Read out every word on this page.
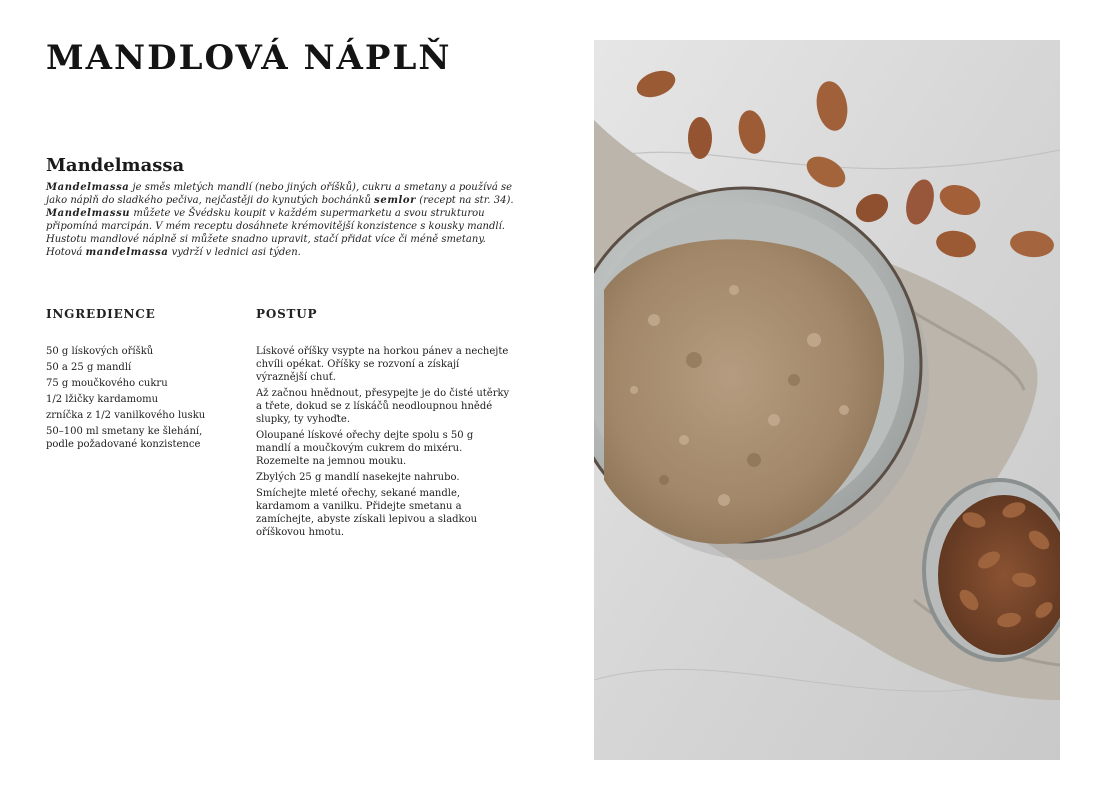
MANDLOVÁ NÁPLŇ
Mandelmassa

Mandelmassa je směs mletých mandlí (nebo jiných oříšků), cukru a smetany a používá se jako náplň do sladkého pečiva, nejčastěji do kynutých bochánků semlor (recept na str. 34).

Mandelmassu můžete ve Švédsku koupit v každém supermarketu a svou strukturou připomíná marcipán. V mém receptu dosáhnete krémovitější konzistence s kousky mandlí.

Hustotu mandlové náplně si můžete snadno upravit, stačí přidat více či méně smetany. Hotová mandelmassa vydrží v lednici asi týden.

INGREDIENCE	POSTUP
50 g lískových oříšků
50 a 25 g mandlí
75 g moučkového cukru
1/2 lžičky kardamomu
zrníčka z 1/2 vanilkového lusku
50–100 ml smetany ke šlehání, podle požadované konzistence

Lískové oříšky vsypte na horkou pánev a nechejte chvíli opékat. Oříšky se rozvoní a získají výraznější chuť.

Až začnou hnědnout, přesypejte je do čisté utěrky a třete, dokud se z lískáčů neodloupnou hnědé slupky, ty vyhoďte.

Oloupané lískové ořechy dejte spolu s 50 g mandlí a moučkovým cukrem do mixéru. Rozemelte na jemnou mouku.

Zbylých 25 g mandlí nasekejte nahrubo.

Smíchejte mleté ořechy, sekané mandle, kardamom a vanilku. Přidejte smetanu a zamíchejte, abyste získali lepivou a sladkou oříškovou hmotu.
